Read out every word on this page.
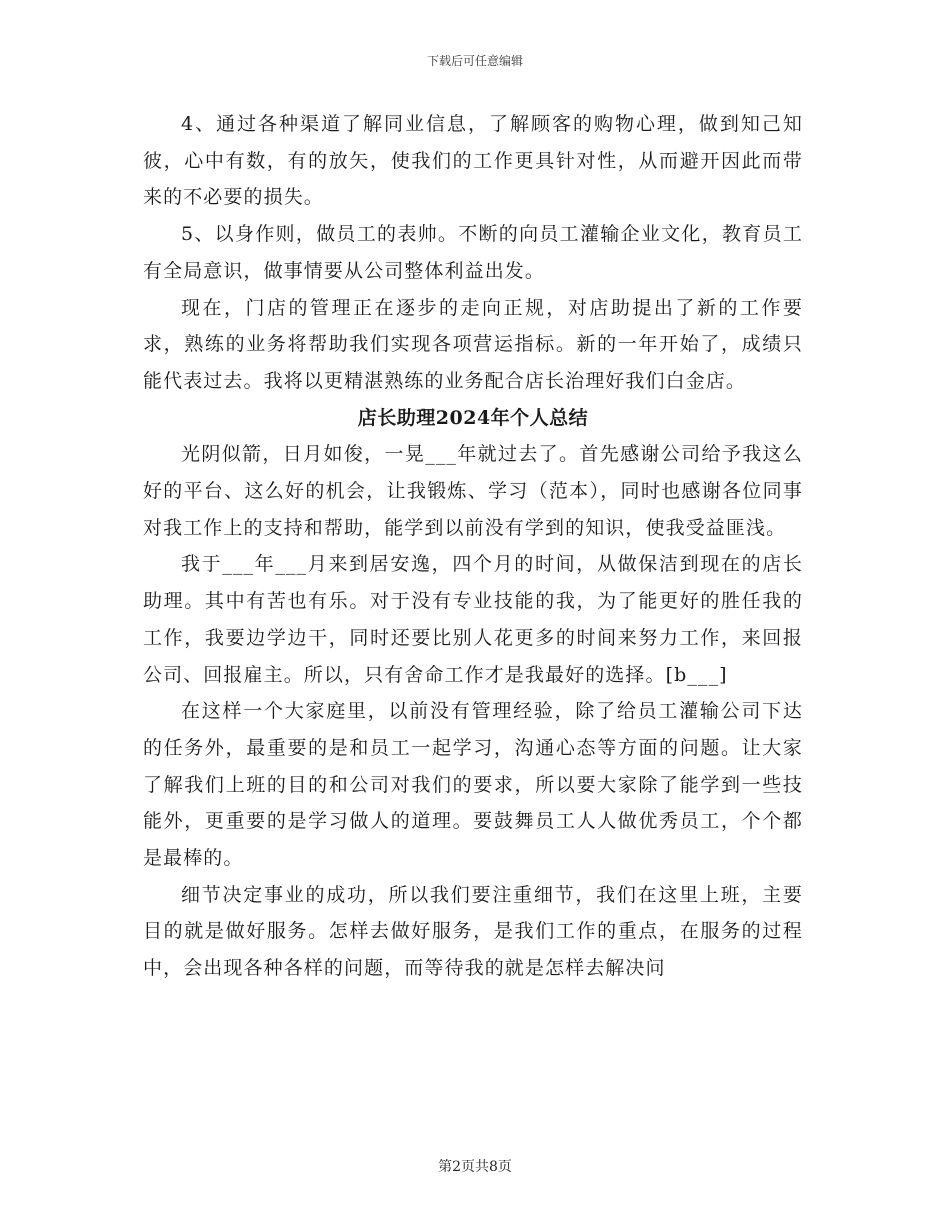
下载后可任意编辑

4、通过各种渠道了解同业信息，了解顾客的购物心理，做到知己知彼，心中有数，有的放矢，使我们的工作更具针对性，从而避开因此而带来的不必要的损失。

5、以身作则，做员工的表帅。不断的向员工灌输企业文化，教育员工有全局意识，做事情要从公司整体利益出发。

现在，门店的管理正在逐步的走向正规，对店助提出了新的工作要求，熟练的业务将帮助我们实现各项营运指标。新的一年开始了，成绩只能代表过去。我将以更精湛熟练的业务配合店长治理好我们白金店。

店长助理2024年个人总结

光阴似箭，日月如俊，一晃___年就过去了。首先感谢公司给予我这么好的平台、这么好的机会，让我锻炼、学习（范本），同时也感谢各位同事对我工作上的支持和帮助，能学到以前没有学到的知识，使我受益匪浅。

我于___年___月来到居安逸，四个月的时间，从做保洁到现在的店长助理。其中有苦也有乐。对于没有专业技能的我，为了能更好的胜任我的工作，我要边学边干，同时还要比别人花更多的时间来努力工作，来回报公司、回报雇主。所以，只有舍命工作才是我最好的选择。[b___]

在这样一个大家庭里，以前没有管理经验，除了给员工灌输公司下达的任务外，最重要的是和员工一起学习，沟通心态等方面的问题。让大家了解我们上班的目的和公司对我们的要求，所以要大家除了能学到一些技能外，更重要的是学习做人的道理。要鼓舞员工人人做优秀员工，个个都是最棒的。

细节决定事业的成功，所以我们要注重细节，我们在这里上班，主要目的就是做好服务。怎样去做好服务，是我们工作的重点，在服务的过程中，会出现各种各样的问题，而等待我的就是怎样去解决问

第2页共8页
